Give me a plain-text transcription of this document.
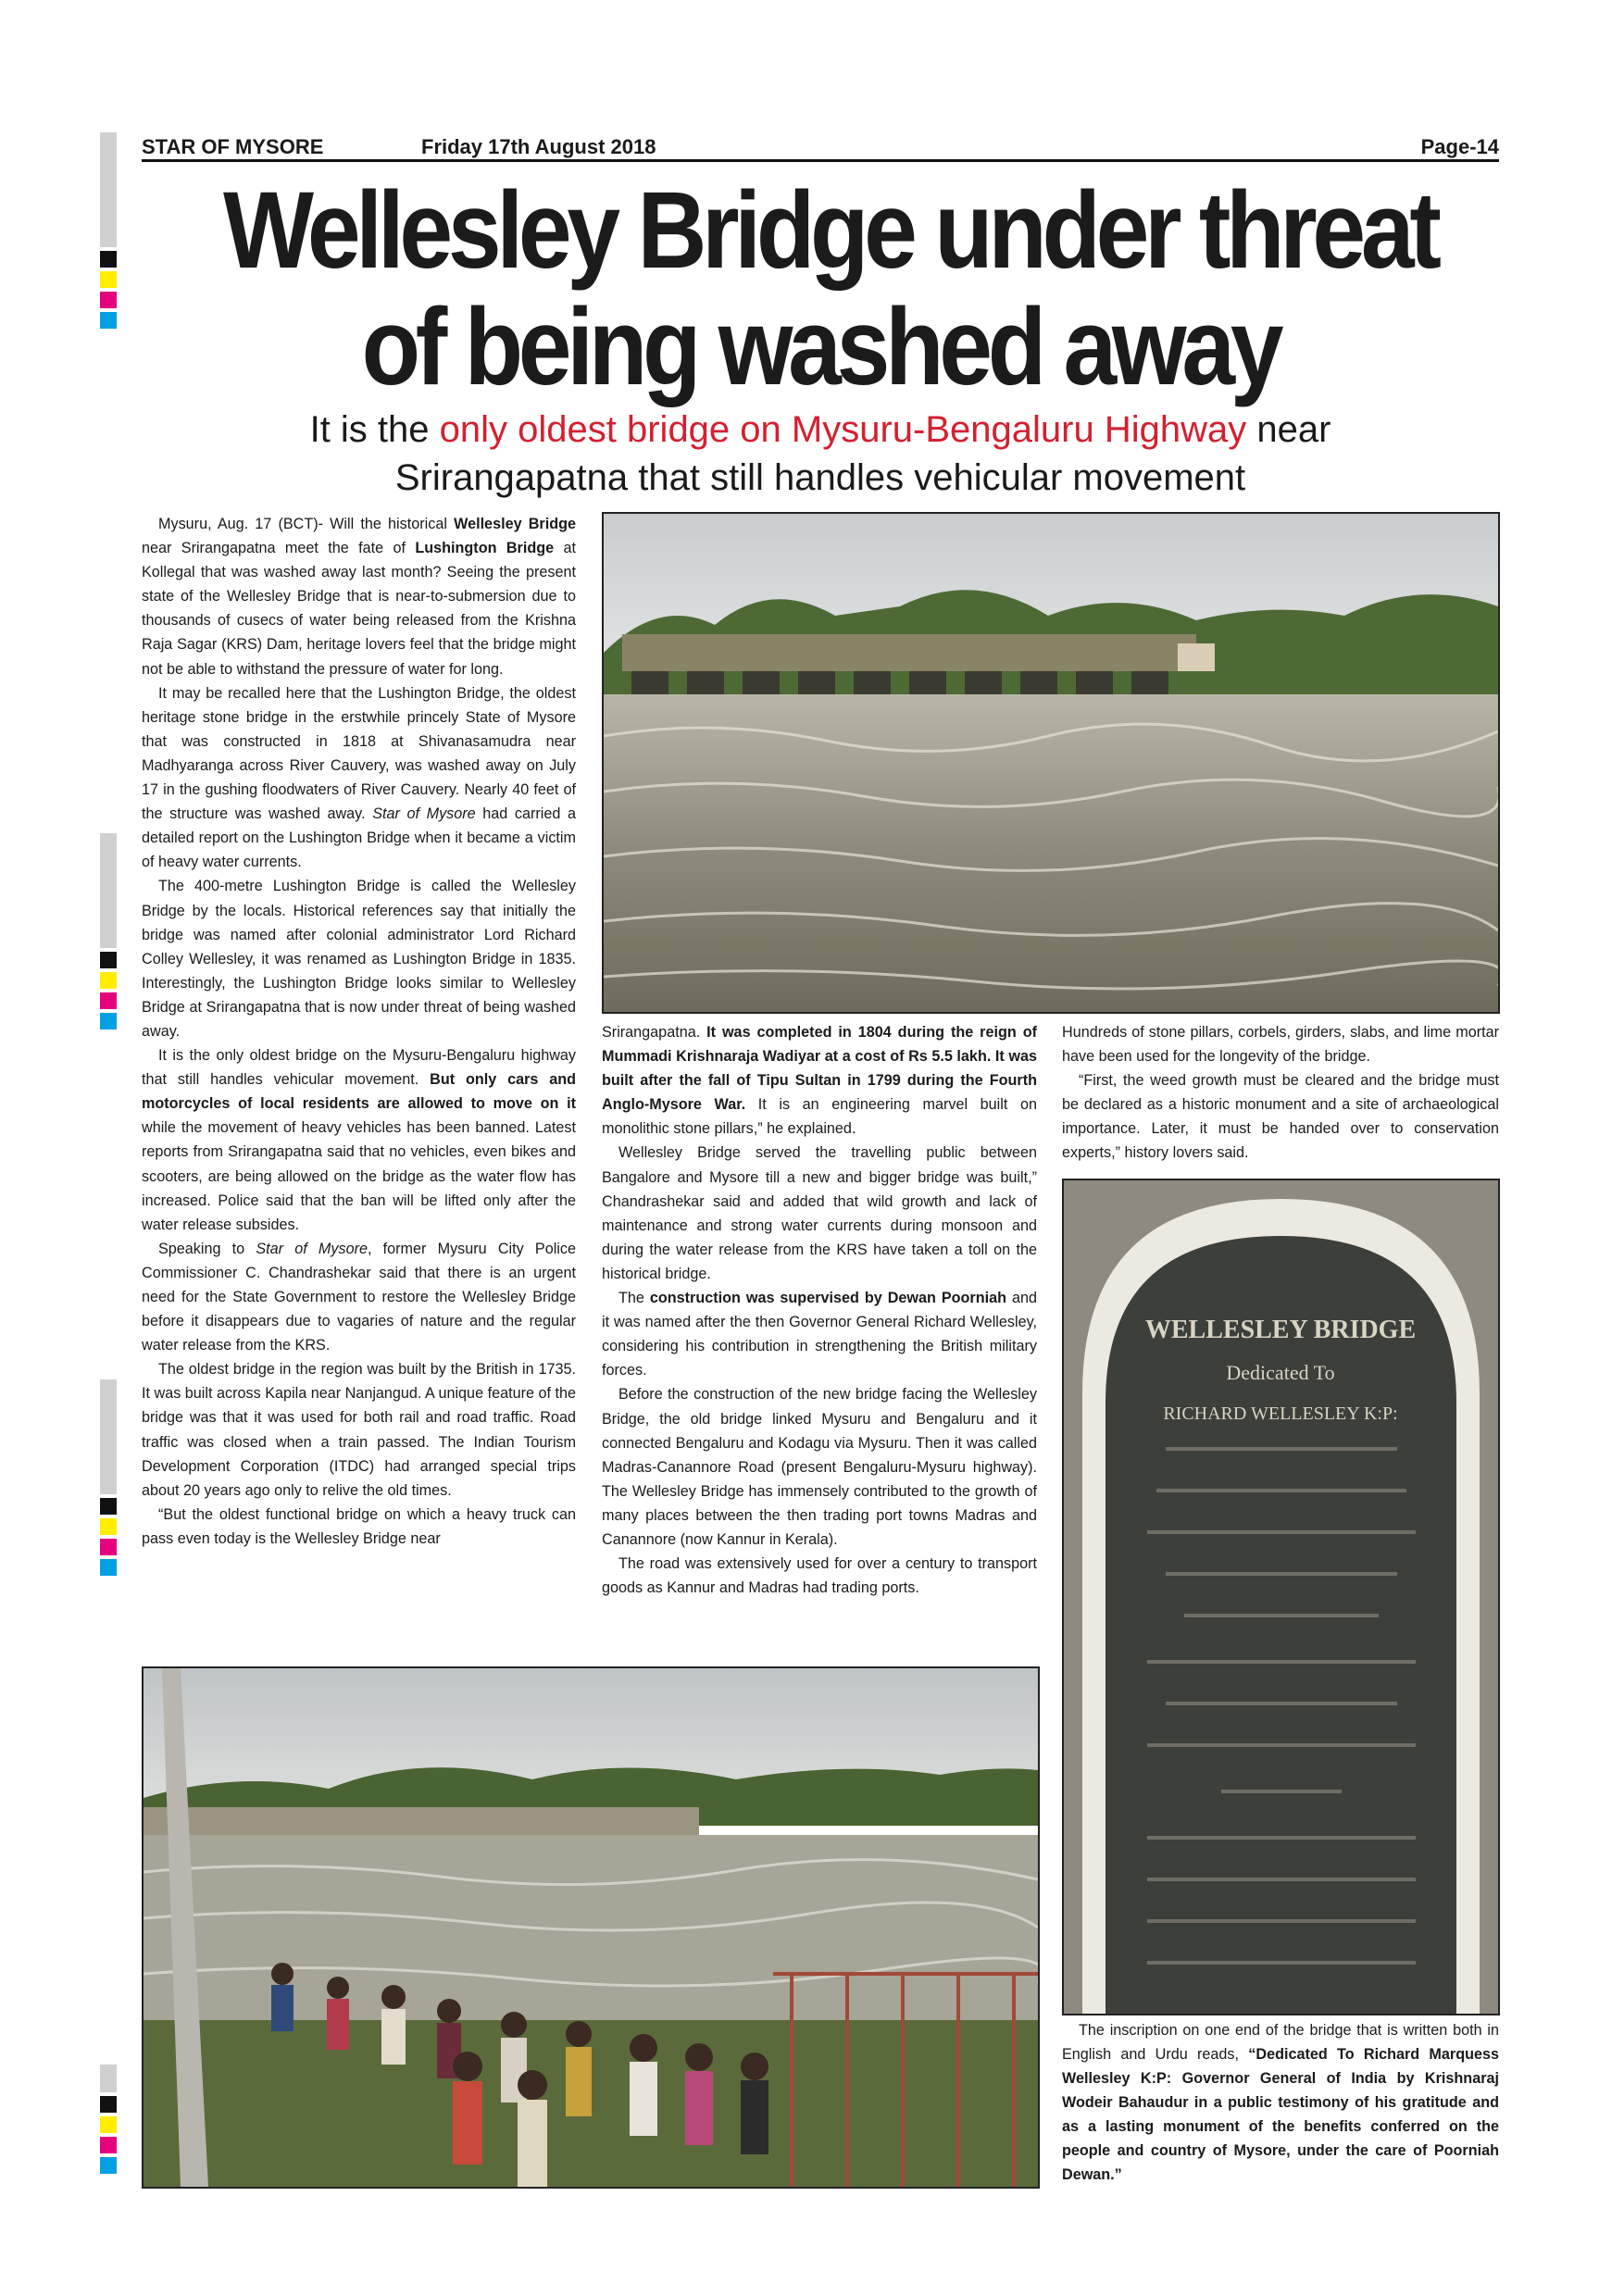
STAR OF MYSORE	Friday 17th August 2018	Page-14
Wellesley Bridge under threat
of being washed away
It is the only oldest bridge on Mysuru-Bengaluru Highway near
Srirangapatna that still handles vehicular movement

Mysuru, Aug. 17 (BCT)- Will the historical Wellesley Bridge near Srirangapatna meet the fate of Lushington Bridge at Kollegal that was washed away last month? Seeing the present state of the Wellesley Bridge that is near-to-submersion due to thousands of cusecs of water being released from the Krishna Raja Sagar (KRS) Dam, heritage lovers feel that the bridge might not be able to withstand the pressure of water for long.

It may be recalled here that the Lushington Bridge, the oldest heritage stone bridge in the erstwhile princely State of Mysore that was constructed in 1818 at Shivanasamudra near Madhyaranga across River Cauvery, was washed away on July 17 in the gushing floodwaters of River Cauvery. Nearly 40 feet of the structure was washed away. Star of Mysore had carried a detailed report on the Lushington Bridge when it became a victim of heavy water currents.

The 400-metre Lushington Bridge is called the Wellesley Bridge by the locals. Historical references say that initially the bridge was named after colonial administrator Lord Richard Colley Wellesley, it was renamed as Lushington Bridge in 1835. Interestingly, the Lushington Bridge looks similar to Wellesley Bridge at Srirangapatna that is now under threat of being washed away.

It is the only oldest bridge on the Mysuru-Bengaluru highway that still handles vehicular movement. But only cars and motorcycles of local residents are allowed to move on it while the movement of heavy vehicles has been banned. Latest reports from Srirangapatna said that no vehicles, even bikes and scooters, are being allowed on the bridge as the water flow has increased. Police said that the ban will be lifted only after the water release subsides.

Speaking to Star of Mysore, former Mysuru City Police Commissioner C. Chandrashekar said that there is an urgent need for the State Government to restore the Wellesley Bridge before it disappears due to vagaries of nature and the regular water release from the KRS.

The oldest bridge in the region was built by the British in 1735. It was built across Kapila near Nanjangud. A unique feature of the bridge was that it was used for both rail and road traffic. Road traffic was closed when a train passed. The Indian Tourism Development Corporation (ITDC) had arranged special trips about 20 years ago only to relive the old times.

“But the oldest functional bridge on which a heavy truck can pass even today is the Wellesley Bridge near

Srirangapatna. It was completed in 1804 during the reign of Mummadi Krishnaraja Wadiyar at a cost of Rs 5.5 lakh. It was built after the fall of Tipu Sultan in 1799 during the Fourth Anglo-Mysore War. It is an engineering marvel built on monolithic stone pillars,” he explained.

Wellesley Bridge served the travelling public between Bangalore and Mysore till a new and bigger bridge was built,” Chandrashekar said and added that wild growth and lack of maintenance and strong water currents during monsoon and during the water release from the KRS have taken a toll on the historical bridge.

The construction was supervised by Dewan Poorniah and it was named after the then Governor General Richard Wellesley, considering his contribution in strengthening the British military forces.

Before the construction of the new bridge facing the Wellesley Bridge, the old bridge linked Mysuru and Bengaluru and it connected Bengaluru and Kodagu via Mysuru. Then it was called Madras-Canannore Road (present Bengaluru-Mysuru highway). The Wellesley Bridge has immensely contributed to the growth of many places between the then trading port towns Madras and Canannore (now Kannur in Kerala).

The road was extensively used for over a century to transport goods as Kannur and Madras had trading ports.

Hundreds of stone pillars, corbels, girders, slabs, and lime mortar have been used for the longevity of the bridge.

“First, the weed growth must be cleared and the bridge must be declared as a historic monument and a site of archaeological importance. Later, it must be handed over to conservation experts,” history lovers said.

WELLESLEY BRIDGE
Dedicated To
RICHARD WELLESLEY K:P:

The inscription on one end of the bridge that is written both in English and Urdu reads, “Dedicated To Richard Marquess Wellesley K:P: Governor General of India by Krishnaraj Wodeir Bahaudur in a public testimony of his gratitude and as a lasting monument of the benefits conferred on the people and country of Mysore, under the care of Poorniah Dewan.”
